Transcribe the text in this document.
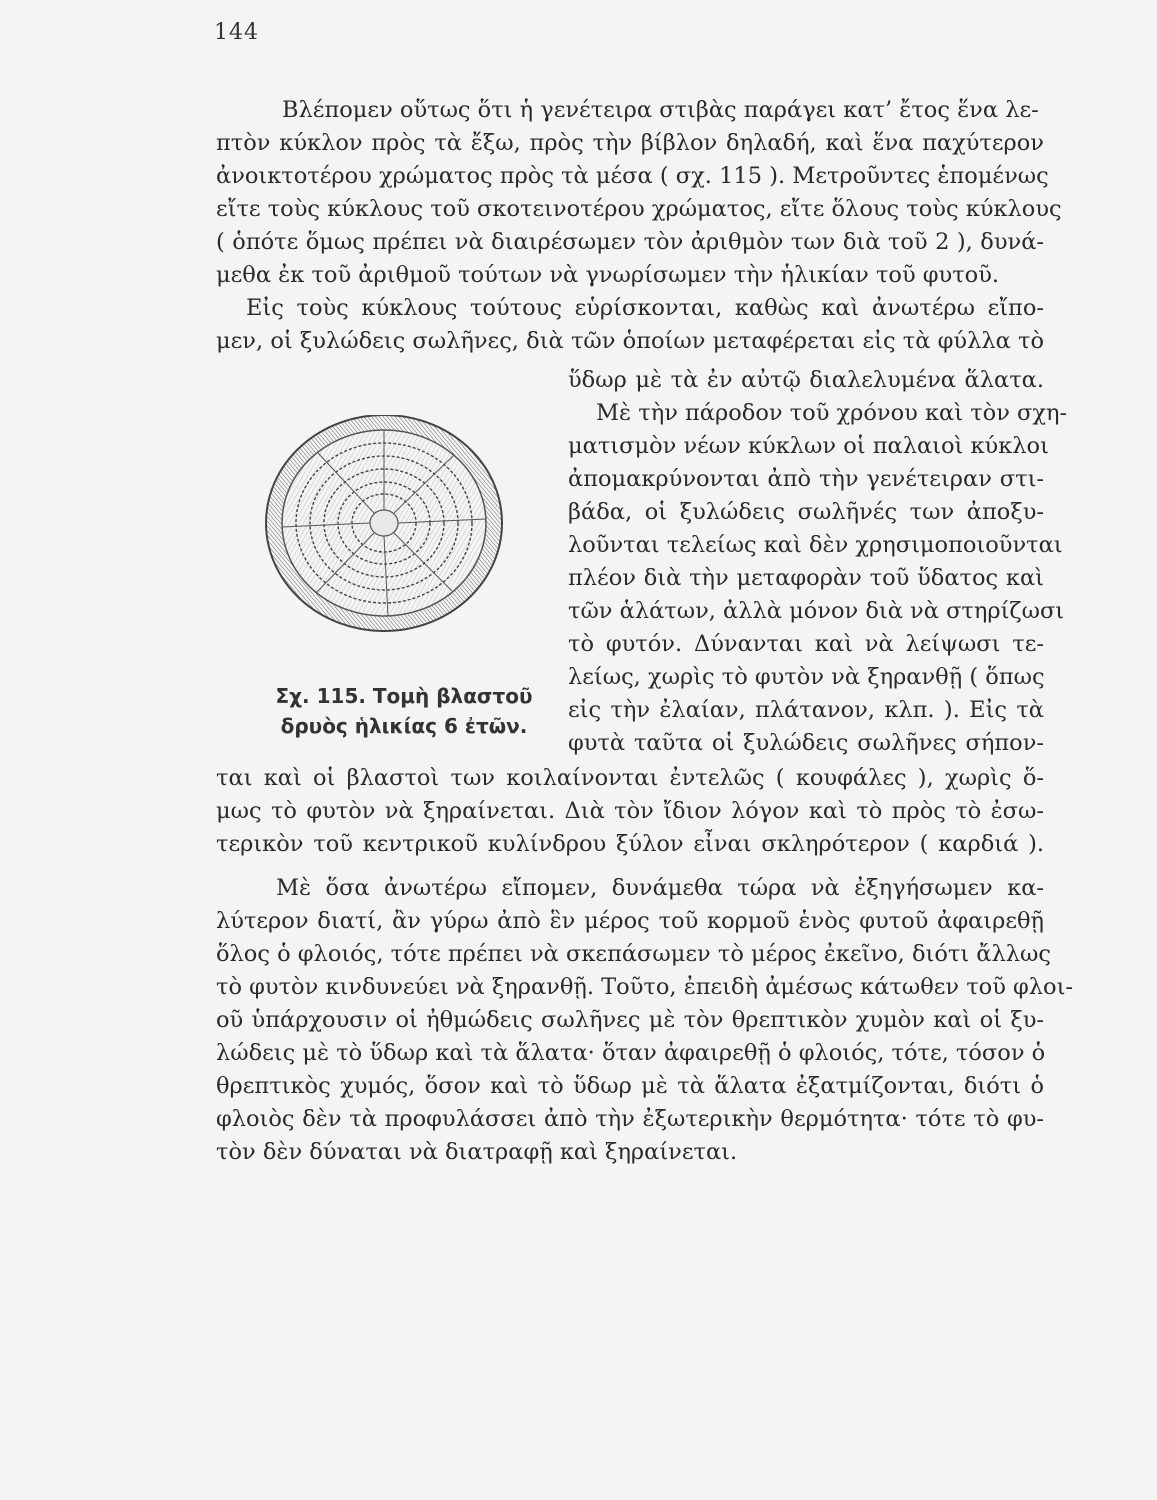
144
Βλέπομεν οὕτως ὅτι ἡ γενέτειρα στιβὰς παράγει κατ’ ἔτος ἕνα λε-
πτὸν κύκλον πρὸς τὰ ἔξω, πρὸς τὴν βίβλον δηλαδή, καὶ ἕνα παχύτερον
ἀνοικτοτέρου χρώματος πρὸς τὰ μέσα ( σχ. 115 ). Μετροῦντες ἑπομένως
εἴτε τοὺς κύκλους τοῦ σκοτεινοτέρου χρώματος, εἴτε ὅλους τοὺς κύκλους
( ὁπότε ὅμως πρέπει νὰ διαιρέσωμεν τὸν ἀριθμὸν των διὰ τοῦ 2 ), δυνά-
μεθα ἐκ τοῦ ἀριθμοῦ τούτων νὰ γνωρίσωμεν τὴν ἡλικίαν τοῦ φυτοῦ.
Εἰς τοὺς κύκλους τούτους εὑρίσκονται, καθὼς καὶ ἀνωτέρω εἴπο-
μεν, οἱ ξυλώδεις σωλῆνες, διὰ τῶν ὁποίων μεταφέρεται εἰς τὰ φύλλα τὸ
ὕδωρ μὲ τὰ ἐν αὐτῷ διαλελυμένα ἅλατα.
Μὲ τὴν πάροδον τοῦ χρόνου καὶ τὸν σχη-
ματισμὸν νέων κύκλων οἱ παλαιοὶ κύκλοι
ἀπομακρύνονται ἀπὸ τὴν γενέτειραν στι-
βάδα, οἱ ξυλώδεις σωλῆνές των ἀποξυ-
λοῦνται τελείως καὶ δὲν χρησιμοποιοῦνται
πλέον διὰ τὴν μεταφορὰν τοῦ ὕδατος καὶ
τῶν ἁλάτων, ἀλλὰ μόνον διὰ νὰ στηρίζωσι
τὸ φυτόν. Δύνανται καὶ νὰ λείψωσι τε-
λείως, χωρὶς τὸ φυτὸν νὰ ξηρανθῇ ( ὅπως
εἰς τὴν ἐλαίαν, πλάτανον, κλπ. ). Εἰς τὰ
φυτὰ ταῦτα οἱ ξυλώδεις σωλῆνες σήπον-
Σχ. 115. Τομὴ βλαστοῦ
δρυὸς ἡλικίας 6 ἐτῶν.
ται καὶ οἱ βλαστοὶ των κοιλαίνονται ἐντελῶς ( κουφάλες ), χωρὶς ὅ-
μως τὸ φυτὸν νὰ ξηραίνεται. Διὰ τὸν ἴδιον λόγον καὶ τὸ πρὸς τὸ ἐσω-
τερικὸν τοῦ κεντρικοῦ κυλίνδρου ξύλον εἶναι σκληρότερον ( καρδιά ).
Μὲ ὅσα ἀνωτέρω εἴπομεν, δυνάμεθα τώρα νὰ ἐξηγήσωμεν κα-
λύτερον διατί, ἂν γύρω ἀπὸ ἓν μέρος τοῦ κορμοῦ ἑνὸς φυτοῦ ἀφαιρεθῇ
ὅλος ὁ φλοιός, τότε πρέπει νὰ σκεπάσωμεν τὸ μέρος ἐκεῖνο, διότι ἄλλως
τὸ φυτὸν κινδυνεύει νὰ ξηρανθῇ. Τοῦτο, ἐπειδὴ ἀμέσως κάτωθεν τοῦ φλοι-
οῦ ὑπάρχουσιν οἱ ἠθμώδεις σωλῆνες μὲ τὸν θρεπτικὸν χυμὸν καὶ οἱ ξυ-
λώδεις μὲ τὸ ὕδωρ καὶ τὰ ἅλατα· ὅταν ἀφαιρεθῇ ὁ φλοιός, τότε, τόσον ὁ
θρεπτικὸς χυμός, ὅσον καὶ τὸ ὕδωρ μὲ τὰ ἅλατα ἐξατμίζονται, διότι ὁ
φλοιὸς δὲν τὰ προφυλάσσει ἀπὸ τὴν ἐξωτερικὴν θερμότητα· τότε τὸ φυ-
τὸν δὲν δύναται νὰ διατραφῇ καὶ ξηραίνεται.
